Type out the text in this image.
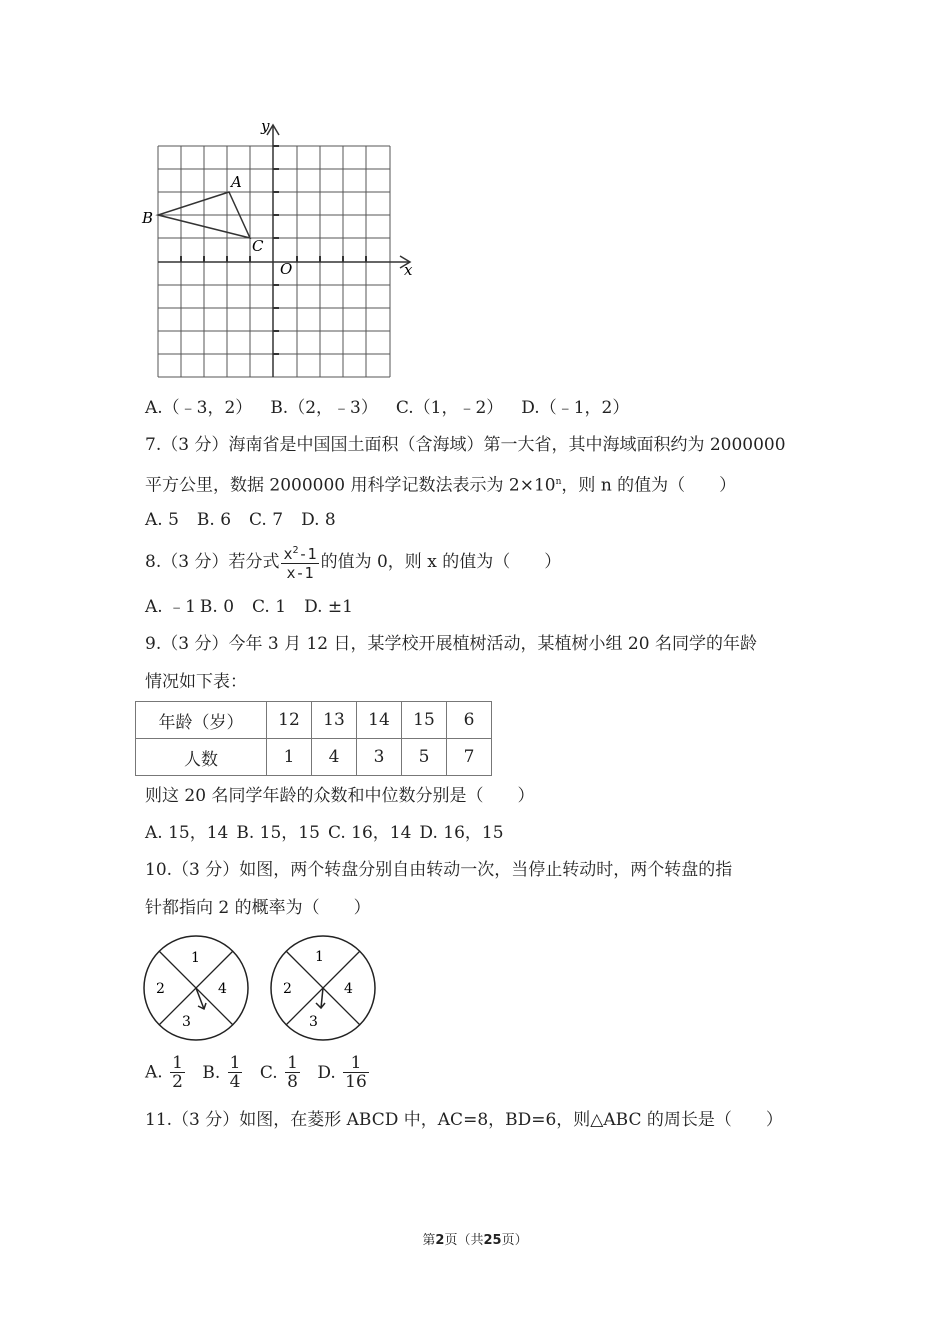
y
x
O
A
B
C
A.（﹣3，2） B.（2，﹣3） C.（1，﹣2） D.（﹣1，2）
7.（3 分）海南省是中国国土面积（含海域）第一大省，其中海域面积约为 2000000
平方公里，数据 2000000 用科学记数法表示为 $2\times 10^n$，则 n 的值为（　　）
A. 5 B. 6 C. 7 D. 8
8.（3 分）若分式 $\frac{x^2-1}{x-1}$ 的值为 0，则 x 的值为（　　）
A. ﹣1 B. 0 C. 1 D. ±1
9.（3 分）今年 3 月 12 日，某学校开展植树活动，某植树小组 20 名同学的年龄
情况如下表：
年龄（岁）	12	13	14	15	6
人数	1	4	3	5	7
则这 20 名同学年龄的众数和中位数分别是（　　）
A. 15，14 B. 15，15 C. 16，14 D. 16，15
10.（3 分）如图，两个转盘分别自由转动一次，当停止转动时，两个转盘的指
针都指向 2 的概率为（　　）
1
2
3
4
1
2
3
4
A. $\frac{1}{2} B$. $\frac{1}{4} C$. $\frac{1}{8} D$. $\frac{1}{16}$
11.（3 分）如图，在菱形 ABCD 中，AC=8，BD=6，则△ABC 的周长是（　　）
第2页（共25页）
